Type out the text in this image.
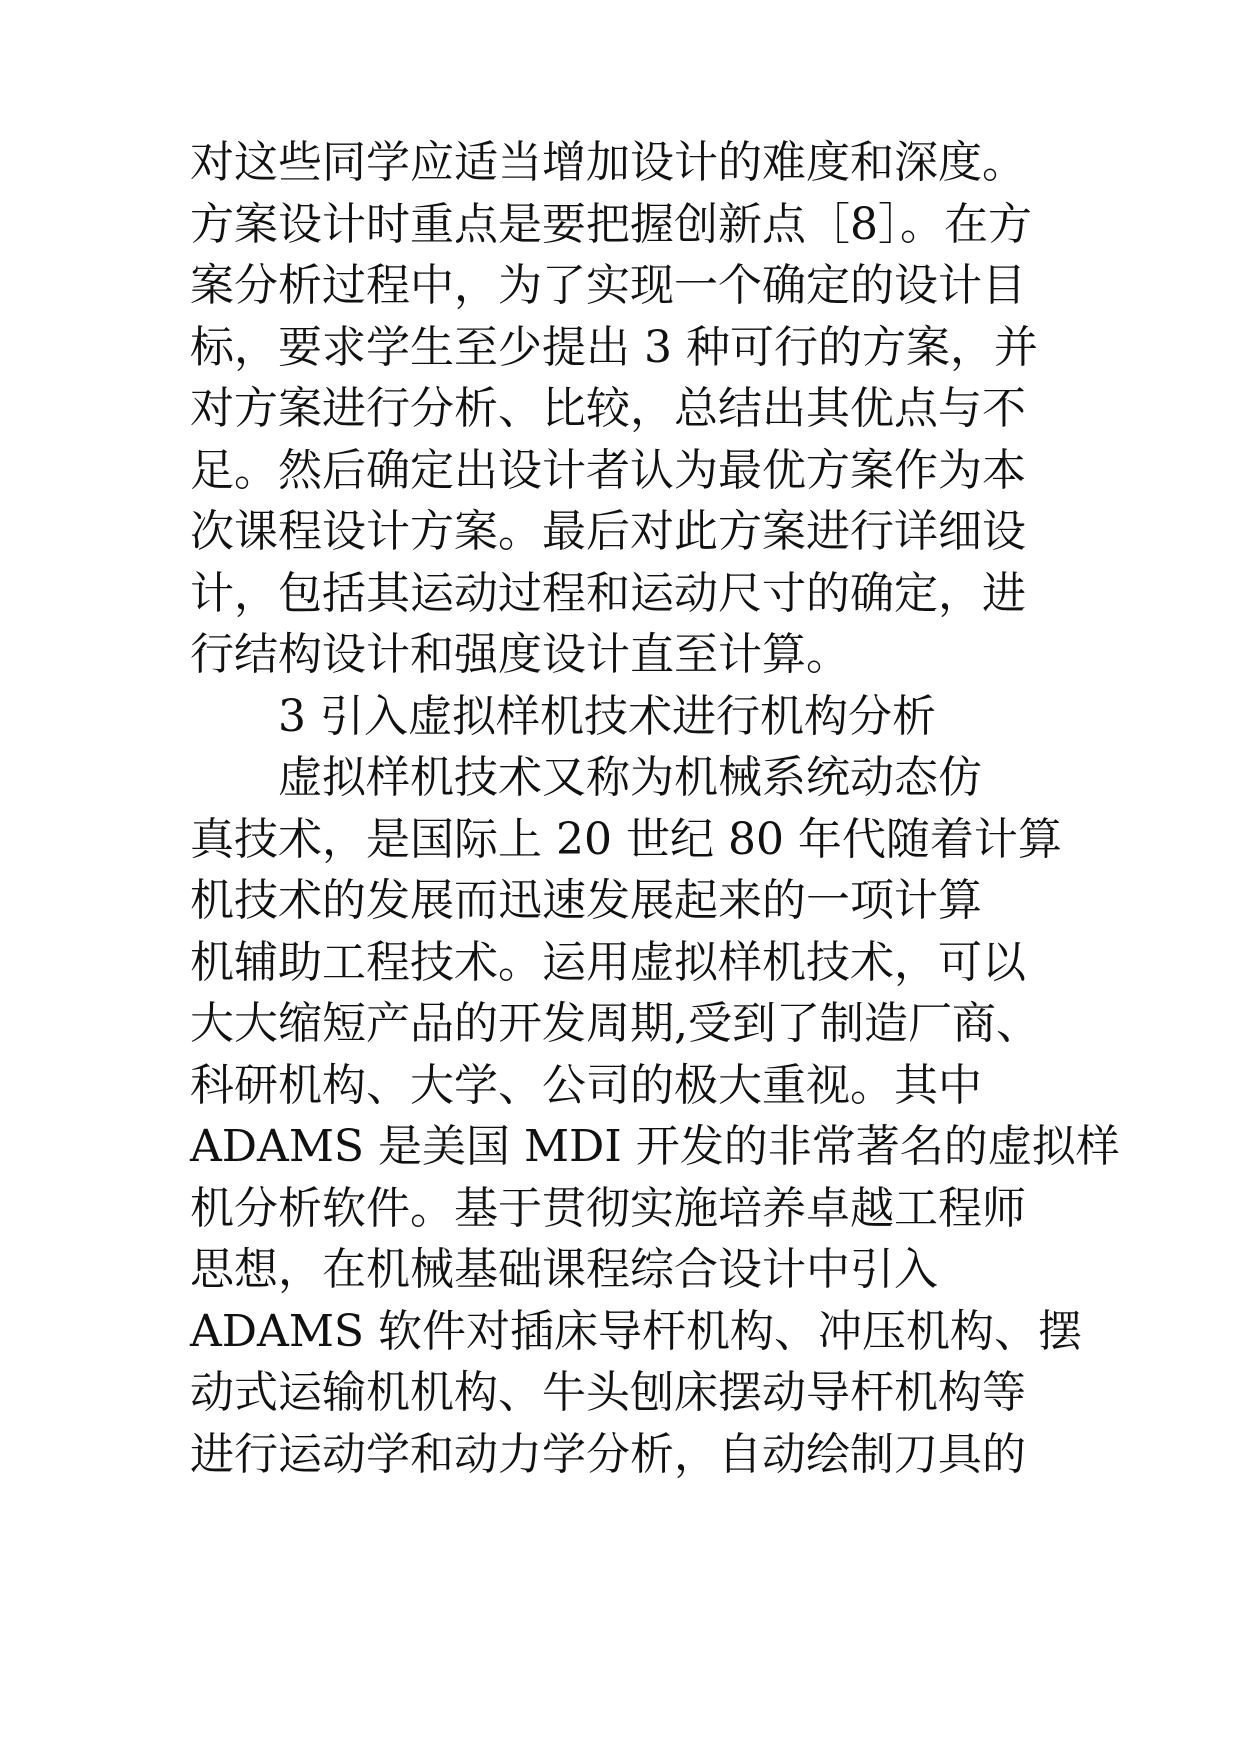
对这些同学应适当增加设计的难度和深度。
方案设计时重点是要把握创新点［8］。在方
案分析过程中，为了实现一个确定的设计目
标，要求学生至少提出 3 种可行的方案，并
对方案进行分析、比较，总结出其优点与不
足。然后确定出设计者认为最优方案作为本
次课程设计方案。最后对此方案进行详细设
计，包括其运动过程和运动尺寸的确定，进
行结构设计和强度设计直至计算。
3 引入虚拟样机技术进行机构分析
虚拟样机技术又称为机械系统动态仿
真技术，是国际上 20 世纪 80 年代随着计算
机技术的发展而迅速发展起来的一项计算
机辅助工程技术。运用虚拟样机技术，可以
大大缩短产品的开发周期,受到了制造厂商、
科研机构、大学、公司的极大重视。其中
ADAMS 是美国 MDI 开发的非常著名的虚拟样
机分析软件。基于贯彻实施培养卓越工程师
思想，在机械基础课程综合设计中引入
ADAMS 软件对插床导杆机构、冲压机构、摆
动式运输机机构、牛头刨床摆动导杆机构等
进行运动学和动力学分析，自动绘制刀具的
